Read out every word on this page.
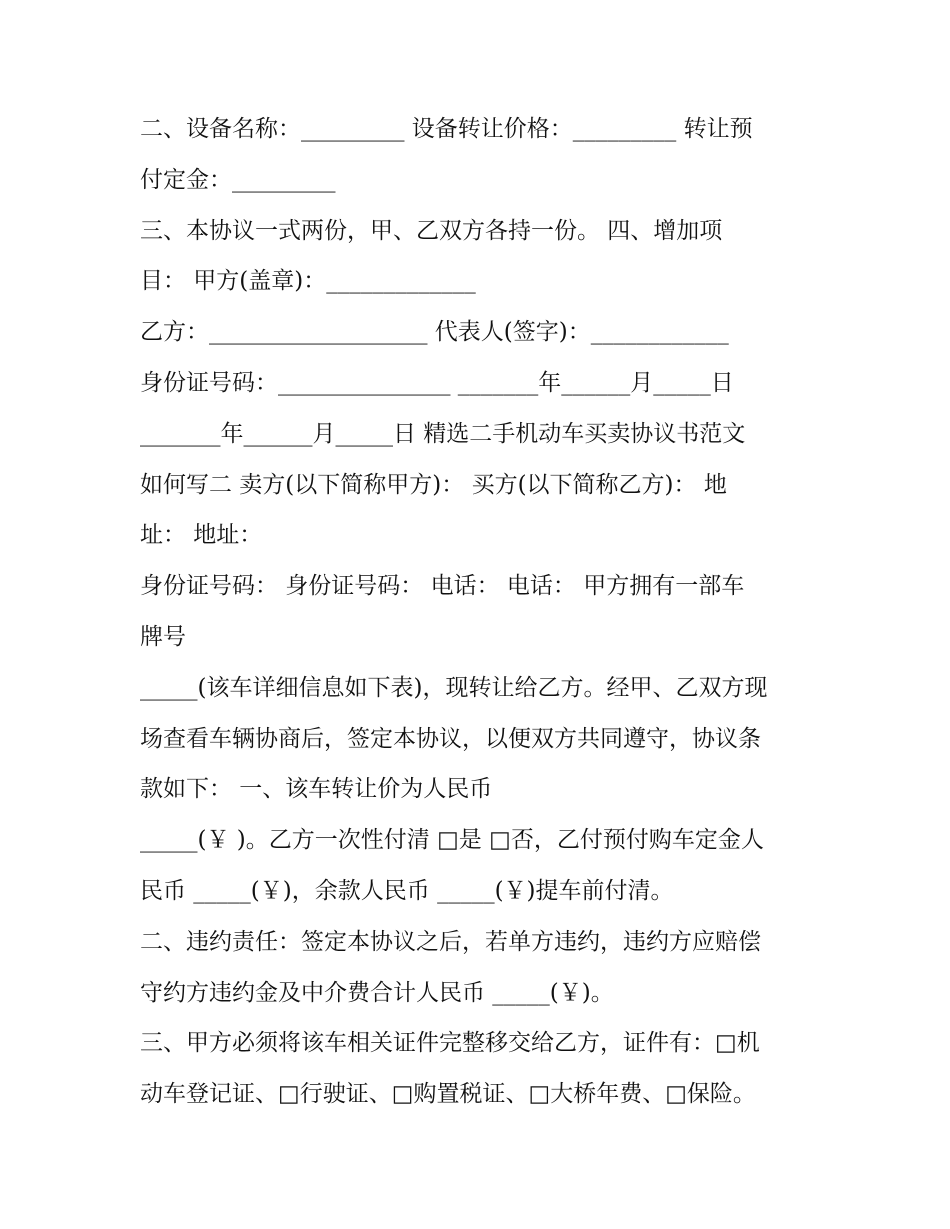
二、设备名称：_________ 设备转让价格：_________ 转让预
付定金：_________
三、本协议一式两份，甲、乙双方各持一份。 四、增加项
目： 甲方(盖章)：_____________
乙方：___________________ 代表人(签字)：____________
身份证号码：_______________ _______年______月_____日
_______年______月_____日 精选二手机动车买卖协议书范文
如何写二 卖方(以下简称甲方)： 买方(以下简称乙方)： 地
址： 地址：
身份证号码： 身份证号码： 电话： 电话： 甲方拥有一部车
牌号
_____(该车详细信息如下表)，现转让给乙方。经甲、乙双方现
场查看车辆协商后，签定本协议，以便双方共同遵守，协议条
款如下： 一、该车转让价为人民币
_____(￥ )。乙方一次性付清 □是 □否，乙付预付购车定金人
民币 _____(￥)，余款人民币 _____(￥)提车前付清。
二、违约责任：签定本协议之后，若单方违约，违约方应赔偿
守约方违约金及中介费合计人民币 _____(￥)。
三、甲方必须将该车相关证件完整移交给乙方，证件有：□机
动车登记证、□行驶证、□购置税证、□大桥年费、□保险。
